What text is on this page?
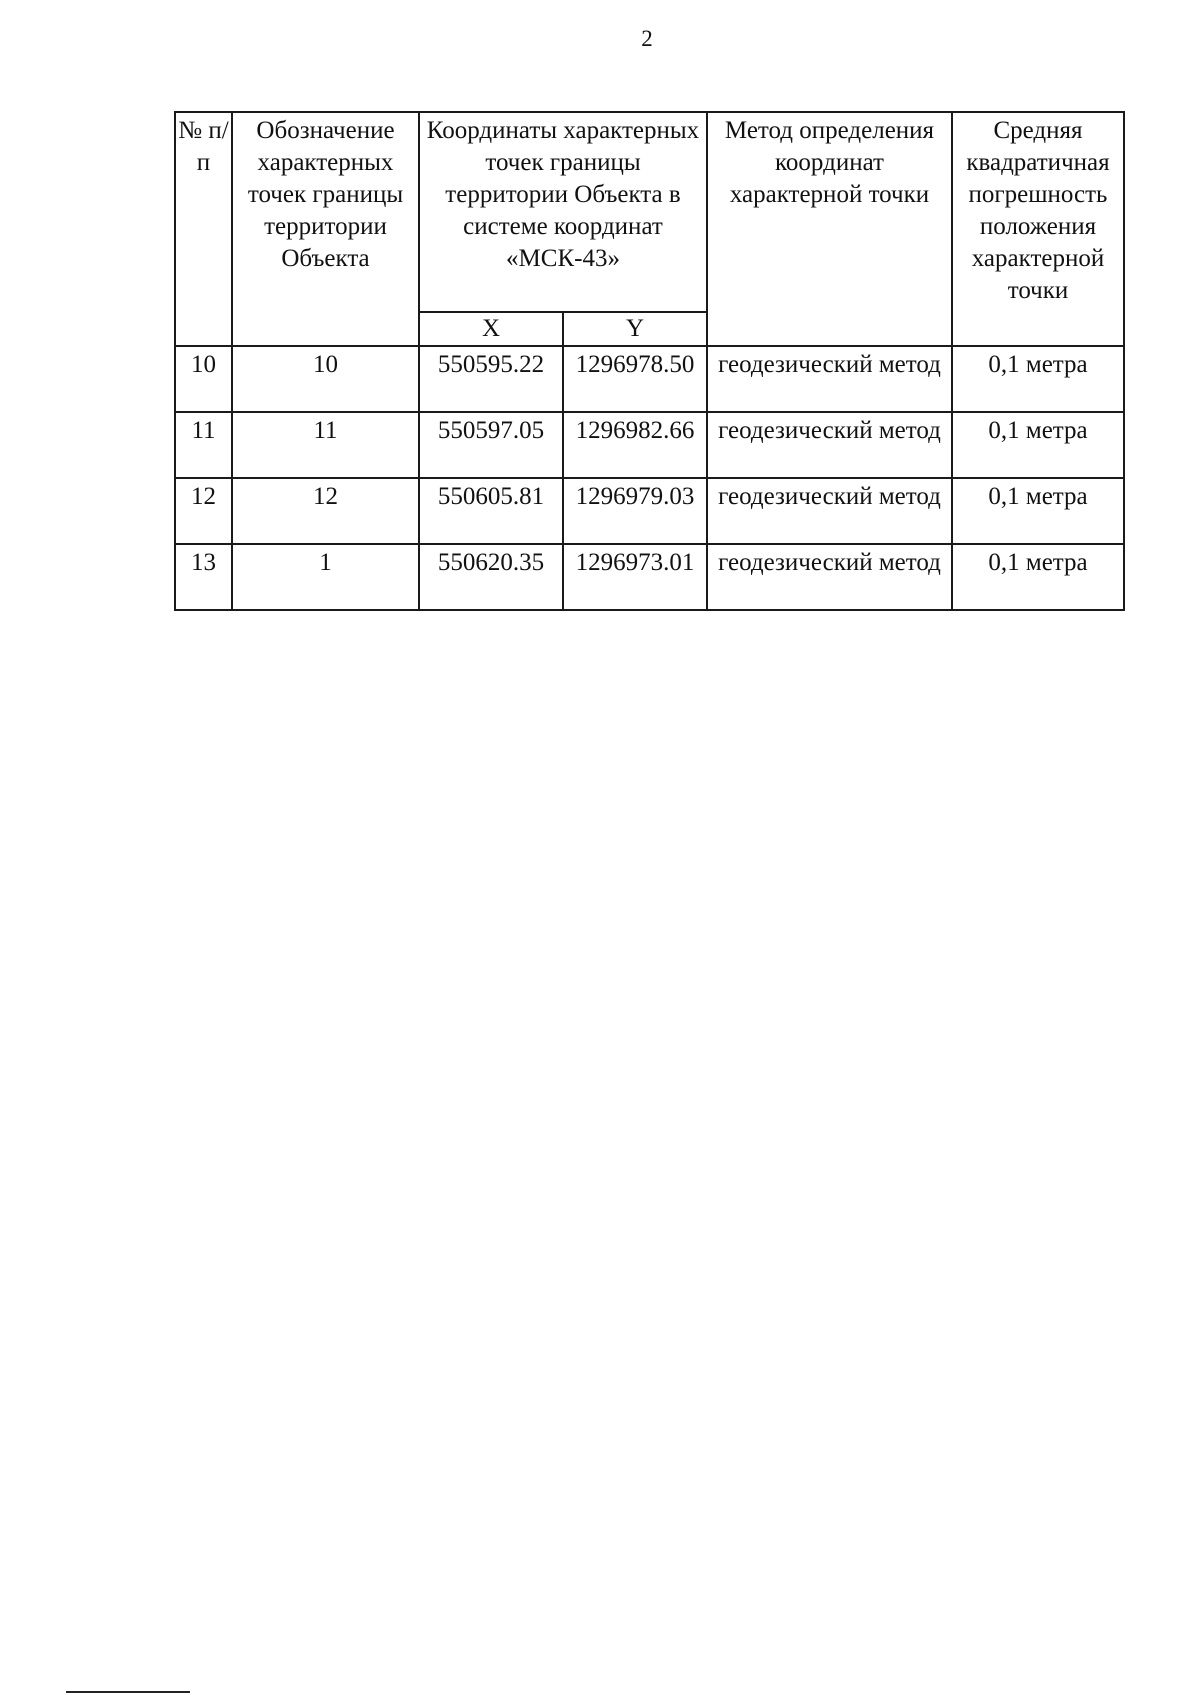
2
№ п/п	Обозначение характерных точек границы территории Объекта	Координаты характерных точек границы территории Объекта в системе координат «МСК-43»		Метод определения координат характерной точки	Средняя квадратичная погрешность положения характерной точки
		X	Y		
10	10	550595.22	1296978.50	геодезический метод	0,1 метра
11	11	550597.05	1296982.66	геодезический метод	0,1 метра
12	12	550605.81	1296979.03	геодезический метод	0,1 метра
13	1	550620.35	1296973.01	геодезический метод	0,1 метра
